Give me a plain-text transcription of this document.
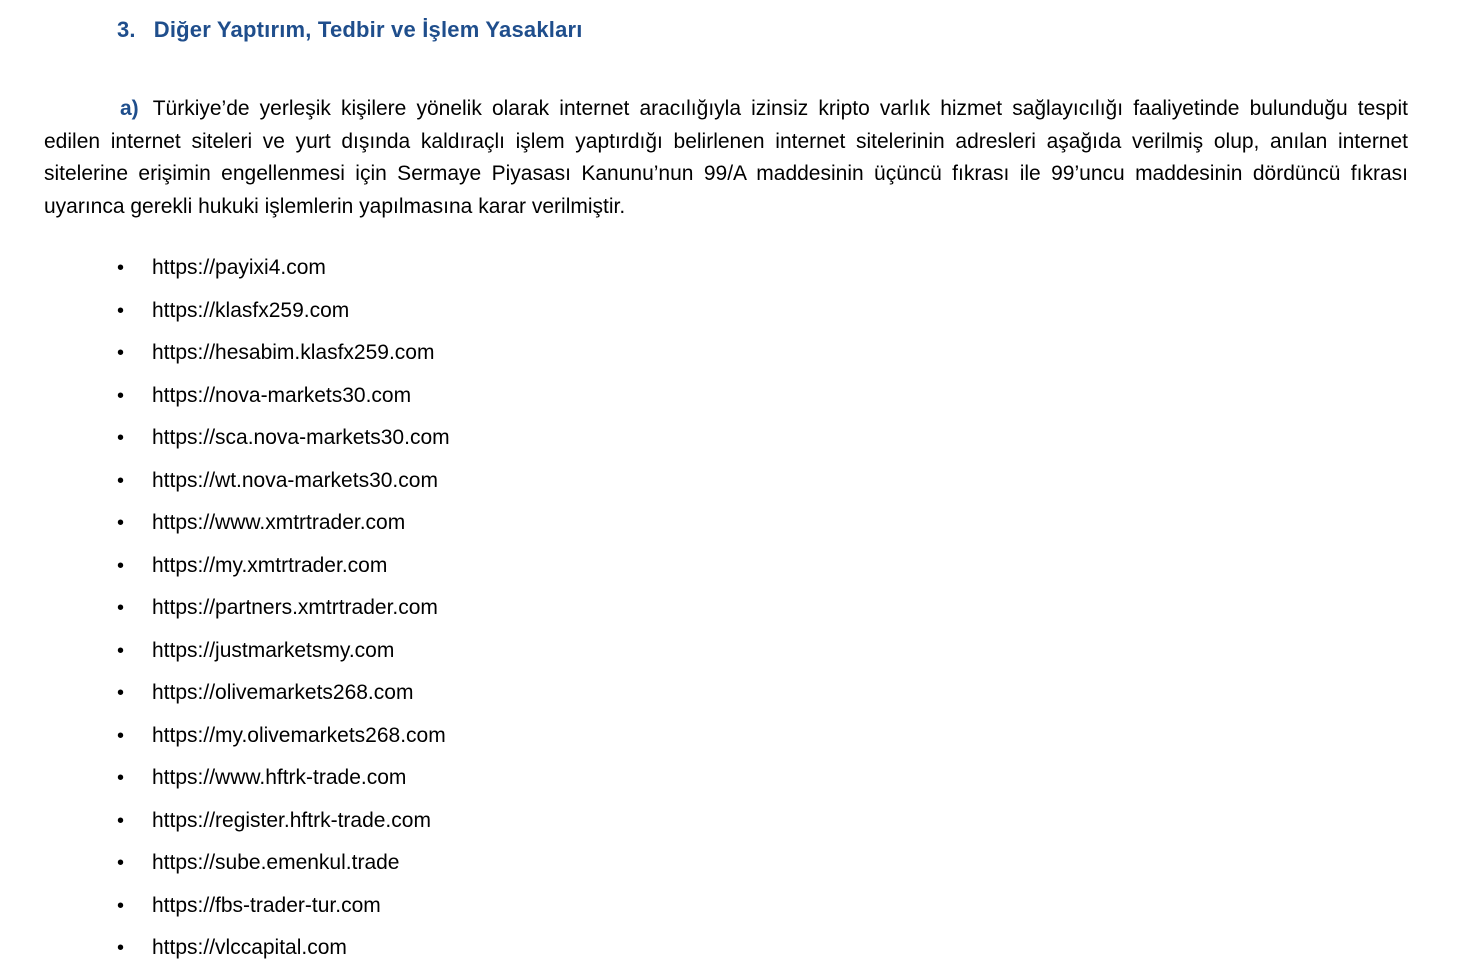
3. Diğer Yaptırım, Tedbir ve İşlem Yasakları

a) Türkiye’de yerleşik kişilere yönelik olarak internet aracılığıyla izinsiz kripto varlık hizmet sağlayıcılığı faaliyetinde bulunduğu tespit edilen internet siteleri ve yurt dışında kaldıraçlı işlem yaptırdığı belirlenen internet sitelerinin adresleri aşağıda verilmiş olup, anılan internet sitelerine erişimin engellenmesi için Sermaye Piyasası Kanunu’nun 99/A maddesinin üçüncü fıkrası ile 99’uncu maddesinin dördüncü fıkrası uyarınca gerekli hukuki işlemlerin yapılmasına karar verilmiştir.

•	https://payixi4.com
•	https://klasfx259.com
•	https://hesabim.klasfx259.com
•	https://nova-markets30.com
•	https://sca.nova-markets30.com
•	https://wt.nova-markets30.com
•	https://www.xmtrtrader.com
•	https://my.xmtrtrader.com
•	https://partners.xmtrtrader.com
•	https://justmarketsmy.com
•	https://olivemarkets268.com
•	https://my.olivemarkets268.com
•	https://www.hftrk-trade.com
•	https://register.hftrk-trade.com
•	https://sube.emenkul.trade
•	https://fbs-trader-tur.com
•	https://vlccapital.com
